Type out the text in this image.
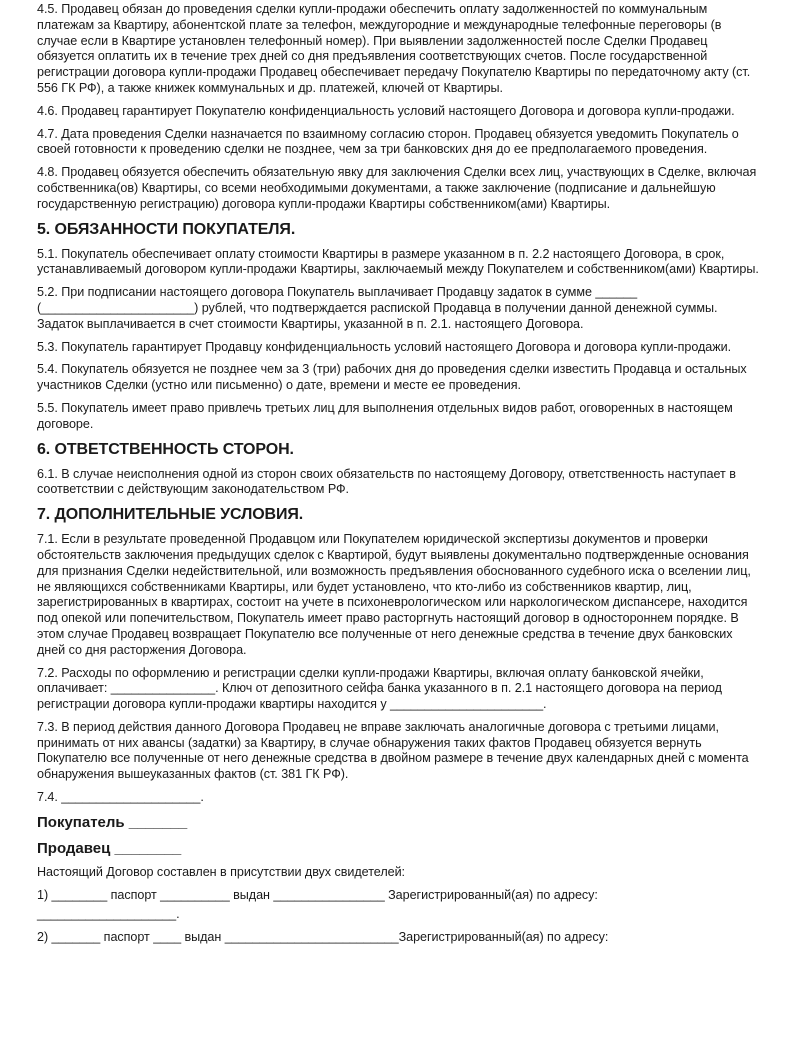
4.5. Продавец обязан до проведения сделки купли-продажи обеспечить оплату задолженностей по коммунальным платежам за Квартиру, абонентской плате за телефон, междугородние и международные телефонные переговоры (в случае если в Квартире установлен телефонный номер). При выявлении задолженностей после Сделки Продавец обязуется оплатить их в течение трех дней со дня предъявления соответствующих счетов. После государственной регистрации договора купли-продажи Продавец обеспечивает передачу Покупателю Квартиры по передаточному акту (ст. 556 ГК РФ), а также книжек коммунальных и др. платежей, ключей от Квартиры.

4.6. Продавец гарантирует Покупателю конфиденциальность условий настоящего Договора и договора купли-продажи.

4.7. Дата проведения Сделки назначается по взаимному согласию сторон. Продавец обязуется уведомить Покупатель о своей готовности к проведению сделки не позднее, чем за три банковских дня до ее предполагаемого проведения.

4.8. Продавец обязуется обеспечить обязательную явку для заключения Сделки всех лиц, участвующих в Сделке, включая собственника(ов) Квартиры, со всеми необходимыми документами, а также заключение (подписание и дальнейшую государственную регистрацию) договора купли-продажи Квартиры собственником(ами) Квартиры.

5. ОБЯЗАННОСТИ ПОКУПАТЕЛЯ.

5.1. Покупатель обеспечивает оплату стоимости Квартиры в размере указанном в п. 2.2 настоящего Договора, в срок, устанавливаемый договором купли-продажи Квартиры, заключаемый между Покупателем и собственником(ами) Квартиры.

5.2. При подписании настоящего договора Покупатель выплачивает Продавцу задаток в сумме ______ (______________________) рублей, что подтверждается распиской Продавца в получении данной денежной суммы. Задаток выплачивается в счет стоимости Квартиры, указанной в п. 2.1. настоящего Договора.

5.3. Покупатель гарантирует Продавцу конфиденциальность условий настоящего Договора и договора купли-продажи.

5.4. Покупатель обязуется не позднее чем за 3 (три) рабочих дня до проведения сделки известить Продавца и остальных участников Сделки (устно или письменно) о дате, времени и месте ее проведения.

5.5. Покупатель имеет право привлечь третьих лиц для выполнения отдельных видов работ, оговоренных в настоящем договоре.

6. ОТВЕТСТВЕННОСТЬ СТОРОН.

6.1. В случае неисполнения одной из сторон своих обязательств по настоящему Договору, ответственность наступает в соответствии с действующим законодательством РФ.

7. ДОПОЛНИТЕЛЬНЫЕ УСЛОВИЯ.

7.1. Если в результате проведенной Продавцом или Покупателем юридической экспертизы документов и проверки обстоятельств заключения предыдущих сделок с Квартирой, будут выявлены документально подтвержденные основания для признания Сделки недействительной, или возможность предъявления обоснованного судебного иска о вселении лиц, не являющихся собственниками Квартиры, или будет установлено, что кто-либо из собственников квартир, лиц, зарегистрированных в квартирах, состоит на учете в психоневрологическом или наркологическом диспансере, находится под опекой или попечительством, Покупатель имеет право расторгнуть настоящий договор в одностороннем порядке. В этом случае Продавец возвращает Покупателю все полученные от него денежные средства в течение двух банковских дней со дня расторжения Договора.

7.2. Расходы по оформлению и регистрации сделки купли-продажи Квартиры, включая оплату банковской ячейки, оплачивает: _______________. Ключ от депозитного сейфа банка указанного в п. 2.1 настоящего договора на период регистрации договора купли-продажи квартиры находится у ______________________.

7.3. В период действия данного Договора Продавец не вправе заключать аналогичные договора с третьими лицами, принимать от них авансы (задатки) за Квартиру, в случае обнаружения таких фактов Продавец обязуется вернуть Покупателю все полученные от него денежные средства в двойном размере в течение двух календарных дней с момента обнаружения вышеуказанных фактов (ст. 381 ГК РФ).

7.4. ____________________.

Покупатель _______
Продавец ________

Настоящий Договор составлен в присутствии двух свидетелей:

1) ________ паспорт __________ выдан ________________ Зарегистрированный(ая) по адресу:

____________________.

2) _______ паспорт ____ выдан _________________________Зарегистрированный(ая) по адресу:
